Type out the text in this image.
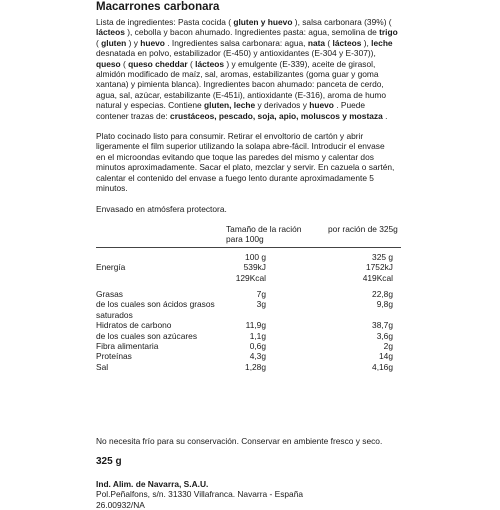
Macarrones carbonara
Lista de ingredientes: Pasta cocida ( gluten y huevo ), salsa carbonara (39%) ( lácteos ), cebolla y bacon ahumado. Ingredientes pasta: agua, semolina de trigo ( gluten ) y huevo . Ingredientes salsa carbonara: agua, nata ( lácteos ), leche desnatada en polvo, estabilizador (E-450) y antioxidantes (E-304 y E-307)), queso ( queso cheddar ( lácteos ) y emulgente (E-339), aceite de girasol, almidón modificado de maíz, sal, aromas, estabilizantes (goma guar y goma xantana) y pimienta blanca). Ingredientes bacon ahumado: panceta de cerdo, agua, sal, azúcar, estabilizante (E-451i), antioxidante (E-316), aroma de humo natural y especias. Contiene gluten, leche y derivados y huevo . Puede contener trazas de: crustáceos, pescado, soja, apio, moluscos y mostaza .
Plato cocinado listo para consumir. Retirar el envoltorio de cartón y abrir ligeramente el film superior utilizando la solapa abre-fácil. Introducir el envase en el microondas evitando que toque las paredes del mismo y calentar dos minutos aproximadamente. Sacar el plato, mezclar y servir. En cazuela o sartén, calentar el contenido del envase a fuego lento durante aproximadamente 5 minutos.
Envasado en atmósfera protectora.
Tamaño de la ración para 100g
por ración de 325g
100 g	325 g
Energía	539kJ	1752kJ
129Kcal	419Kcal
Grasas	7g	22,8g
de los cuales son ácidos grasos	3g	9,8g
saturados
Hidratos de carbono	11,9g	38,7g
de los cuales son azúcares	1,1g	3,6g
Fibra alimentaria	0,6g	2g
Proteínas	4,3g	14g
Sal	1,28g	4,16g
No necesita frío para su conservación. Conservar en ambiente fresco y seco.
325 g
Ind. Alim. de Navarra, S.A.U.
Pol.Peñalfons, s/n. 31330 Villafranca. Navarra - España
26.00932/NA
